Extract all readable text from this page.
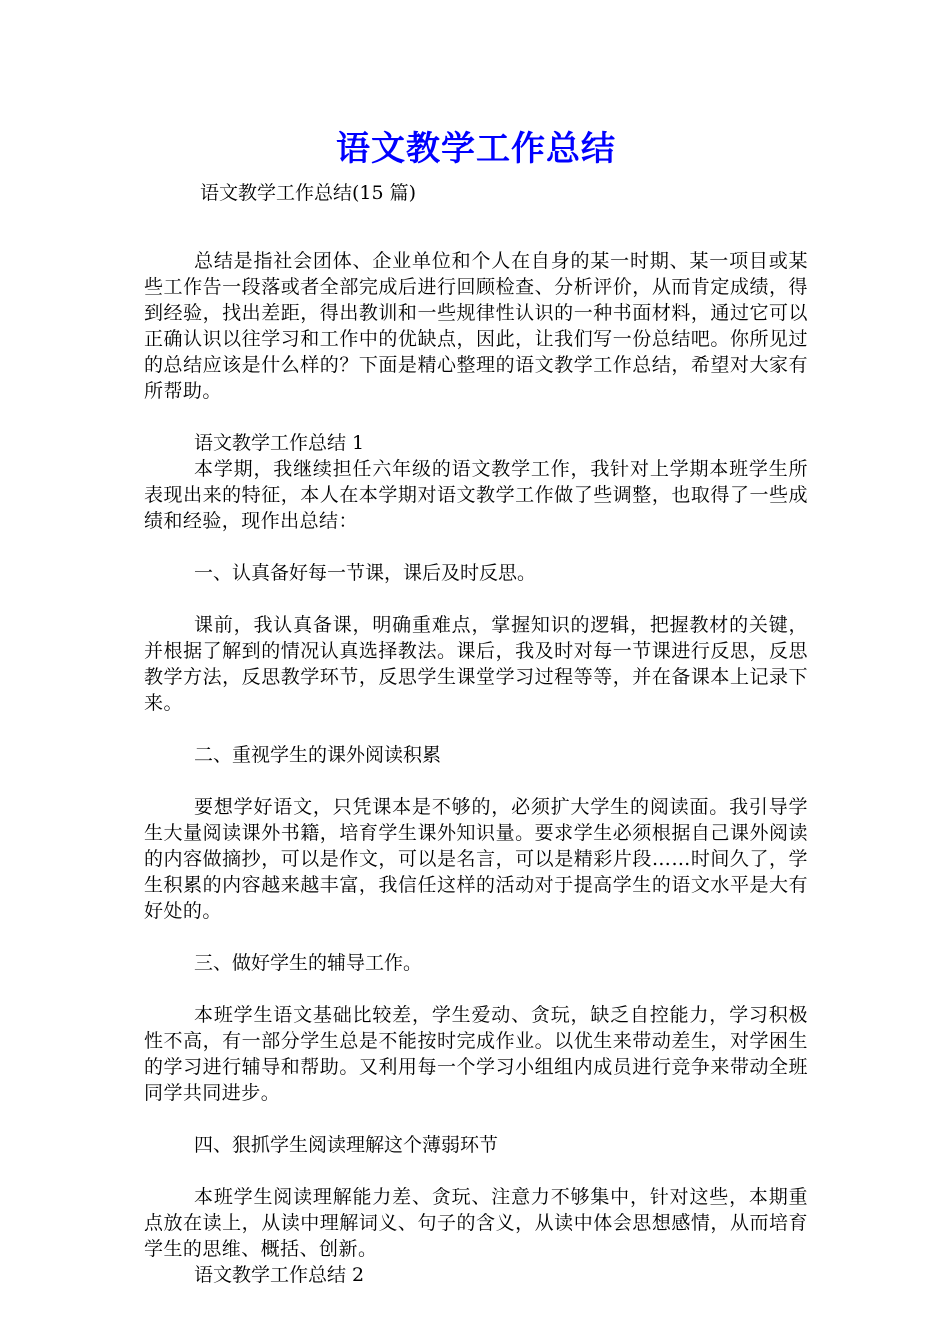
语文教学工作总结

语文教学工作总结(15 篇)

总结是指社会团体、企业单位和个人在自身的某一时期、某一项目或某些工作告一段落或者全部完成后进行回顾检查、分析评价，从而肯定成绩，得到经验，找出差距，得出教训和一些规律性认识的一种书面材料，通过它可以正确认识以往学习和工作中的优缺点，因此，让我们写一份总结吧。你所见过的总结应该是什么样的？下面是精心整理的语文教学工作总结，希望对大家有所帮助。

语文教学工作总结 1

本学期，我继续担任六年级的语文教学工作，我针对上学期本班学生所表现出来的特征，本人在本学期对语文教学工作做了些调整，也取得了一些成绩和经验，现作出总结：

一、认真备好每一节课，课后及时反思。

课前，我认真备课，明确重难点，掌握知识的逻辑，把握教材的关键，并根据了解到的情况认真选择教法。课后，我及时对每一节课进行反思，反思教学方法，反思教学环节，反思学生课堂学习过程等等，并在备课本上记录下来。

二、重视学生的课外阅读积累

要想学好语文，只凭课本是不够的，必须扩大学生的阅读面。我引导学生大量阅读课外书籍，培育学生课外知识量。要求学生必须根据自己课外阅读的内容做摘抄，可以是作文，可以是名言，可以是精彩片段……时间久了，学生积累的内容越来越丰富，我信任这样的活动对于提高学生的语文水平是大有好处的。

三、做好学生的辅导工作。

本班学生语文基础比较差，学生爱动、贪玩，缺乏自控能力，学习积极性不高，有一部分学生总是不能按时完成作业。以优生来带动差生，对学困生的学习进行辅导和帮助。又利用每一个学习小组组内成员进行竞争来带动全班同学共同进步。

四、狠抓学生阅读理解这个薄弱环节

本班学生阅读理解能力差、贪玩、注意力不够集中，针对这些，本期重点放在读上，从读中理解词义、句子的含义，从读中体会思想感情，从而培育学生的思维、概括、创新。

语文教学工作总结 2
